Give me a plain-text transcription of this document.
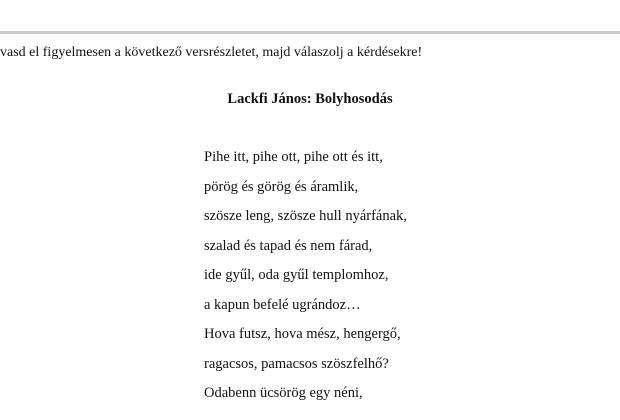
vasd el figyelmesen a következő versrészletet, majd válaszolj a kérdésekre!
Lackfi János: Bolyhosodás
Pihe itt, pihe ott, pihe ott és itt,
pörög és görög és áramlik,
szösze leng, szösze hull nyárfának,
szalad és tapad és nem fárad,
ide gyűl, oda gyűl templomhoz,
a kapun befelé ugrándoz…
Hova futsz, hova mész, hengergő,
ragacsos, pamacsos szöszfelhő?
Odabenn ücsörög egy néni,
